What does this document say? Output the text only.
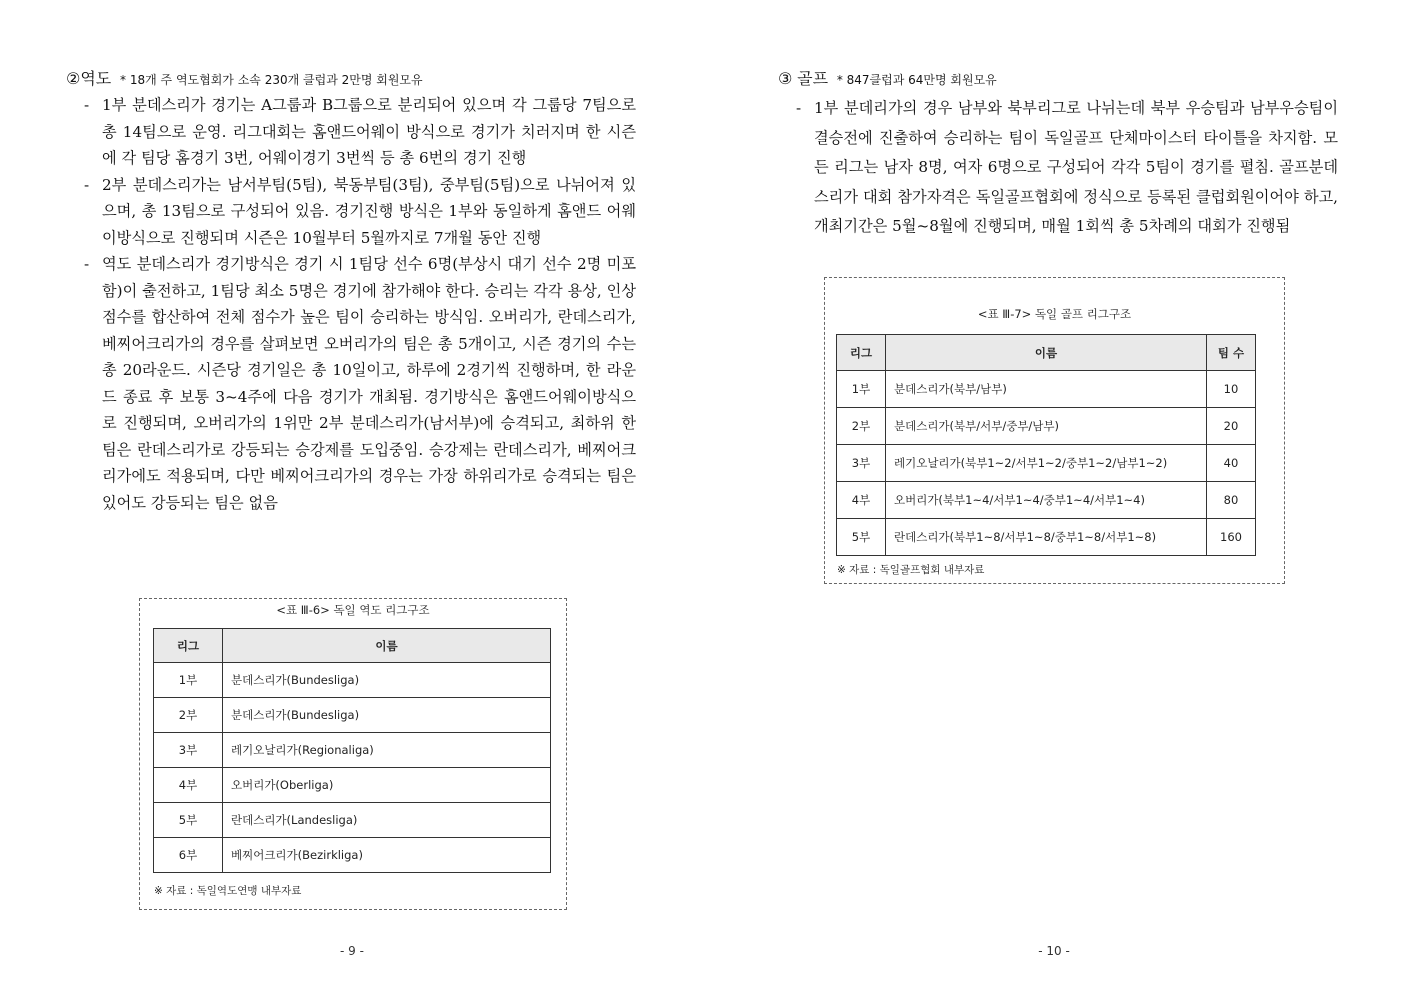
②역도 * 18개 주 역도협회가 소속 230개 클럽과 2만명 회원모유
- 1부 분데스리가 경기는 A그룹과 B그룹으로 분리되어 있으며 각 그룹당 7팀으로 총 14팀으로 운영. 리그대회는 홈앤드어웨이 방식으로 경기가 치러지며 한 시즌에 각 팀당 홈경기 3번, 어웨이경기 3번씩 등 총 6번의 경기 진행
- 2부 분데스리가는 남서부팀(5팀), 북동부팀(3팀), 중부팀(5팀)으로 나뉘어져 있으며, 총 13팀으로 구성되어 있음. 경기진행 방식은 1부와 동일하게 홈앤드 어웨이방식으로 진행되며 시즌은 10월부터 5월까지로 7개월 동안 진행
- 역도 분데스리가 경기방식은 경기 시 1팀당 선수 6명(부상시 대기 선수 2명 미포함)이 출전하고, 1팀당 최소 5명은 경기에 참가해야 한다. 승리는 각각 용상, 인상 점수를 합산하여 전체 점수가 높은 팀이 승리하는 방식임. 오버리가, 란데스리가, 베찌어크리가의 경우를 살펴보면 오버리가의 팀은 총 5개이고, 시즌 경기의 수는 총 20라운드. 시즌당 경기일은 총 10일이고, 하루에 2경기씩 진행하며, 한 라운드 종료 후 보통 3~4주에 다음 경기가 개최됨. 경기방식은 홈앤드어웨이방식으로 진행되며, 오버리가의 1위만 2부 분데스리가(남서부)에 승격되고, 최하위 한 팀은 란데스리가로 강등되는 승강제를 도입중임. 승강제는 란데스리가, 베찌어크리가에도 적용되며, 다만 베찌어크리가의 경우는 가장 하위리가로 승격되는 팀은 있어도 강등되는 팀은 없음
<표 Ⅲ-6> 독일 역도 리그구조
리그	이름
1부	분데스리가(Bundesliga)
2부	분데스리가(Bundesliga)
3부	레기오날리가(Regionaliga)
4부	오버리가(Oberliga)
5부	란데스리가(Landesliga)
6부	베찌어크리가(Bezirkliga)
※ 자료 : 독일역도연맹 내부자료
- 9 -
③ 골프 * 847클럽과 64만명 회원모유
- 1부 분데리가의 경우 남부와 북부리그로 나뉘는데 북부 우승팀과 남부우승팀이 결승전에 진출하여 승리하는 팀이 독일골프 단체마이스터 타이틀을 차지함. 모든 리그는 남자 8명, 여자 6명으로 구성되어 각각 5팀이 경기를 펼침. 골프분데스리가 대회 참가자격은 독일골프협회에 정식으로 등록된 클럽회원이어야 하고, 개최기간은 5월~8월에 진행되며, 매월 1회씩 총 5차례의 대회가 진행됨
<표 Ⅲ-7> 독일 골프 리그구조
리그	이름	팀 수
1부	분데스리가(북부/남부)	10
2부	분데스리가(북부/서부/중부/남부)	20
3부	레기오날리가(북부1~2/서부1~2/중부1~2/남부1~2)	40
4부	오버리가(북부1~4/서부1~4/중부1~4/서부1~4)	80
5부	란데스리가(북부1~8/서부1~8/중부1~8/서부1~8)	160
※ 자료 : 독일골프협회 내부자료
- 10 -
